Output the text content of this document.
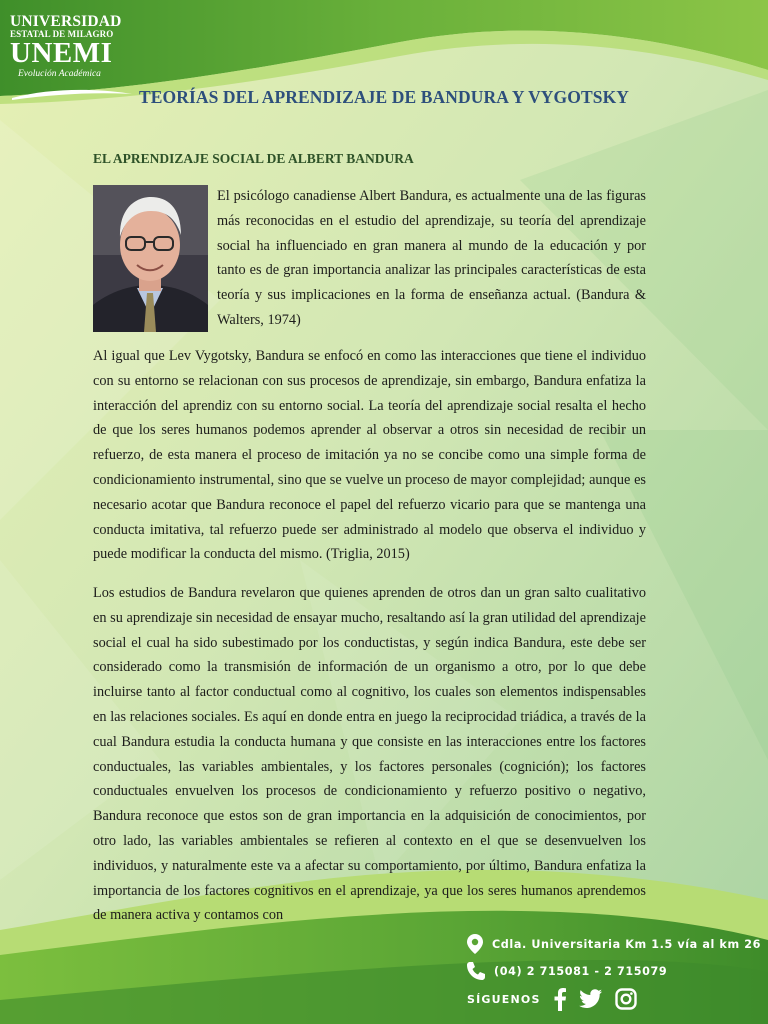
UNIVERSIDAD
ESTATAL DE MILAGRO
UNEMI
Evolución Académica
TEORÍAS DEL APRENDIZAJE DE BANDURA Y VYGOTSKY
EL APRENDIZAJE SOCIAL DE ALBERT BANDURA

El psicólogo canadiense Albert Bandura, es actualmente una de las figuras más reconocidas en el estudio del aprendizaje, su teoría del aprendizaje social ha influenciado en gran manera al mundo de la educación y por tanto es de gran importancia analizar las principales características de esta teoría y sus implicaciones en la forma de enseñanza actual. (Bandura & Walters, 1974)

Al igual que Lev Vygotsky, Bandura se enfocó en como las interacciones que tiene el individuo con su entorno se relacionan con sus procesos de aprendizaje, sin embargo, Bandura enfatiza la interacción del aprendiz con su entorno social. La teoría del aprendizaje social resalta el hecho de que los seres humanos podemos aprender al observar a otros sin necesidad de recibir un refuerzo, de esta manera el proceso de imitación ya no se concibe como una simple forma de condicionamiento instrumental, sino que se vuelve un proceso de mayor complejidad; aunque es necesario acotar que Bandura reconoce el papel del refuerzo vicario para que se mantenga una conducta imitativa, tal refuerzo puede ser administrado al modelo que observa el individuo y puede modificar la conducta del mismo. (Triglia, 2015)

Los estudios de Bandura revelaron que quienes aprenden de otros dan un gran salto cualitativo en su aprendizaje sin necesidad de ensayar mucho, resaltando así la gran utilidad del aprendizaje social el cual ha sido subestimado por los conductistas, y según indica Bandura, este debe ser considerado como la transmisión de información de un organismo a otro, por lo que debe incluirse tanto al factor conductual como al cognitivo, los cuales son elementos indispensables en las relaciones sociales. Es aquí en donde entra en juego la reciprocidad triádica, a través de la cual Bandura estudia la conducta humana y que consiste en las interacciones entre los factores conductuales, las variables ambientales, y los factores personales (cognición); los factores conductuales envuelven los procesos de condicionamiento y refuerzo positivo o negativo, Bandura reconoce que estos son de gran importancia en la adquisición de conocimientos, por otro lado, las variables ambientales se refieren al contexto en el que se desenvuelven los individuos, y naturalmente este va a afectar su comportamiento, por último, Bandura enfatiza la importancia de los factores cognitivos en el aprendizaje, ya que los seres humanos aprendemos de manera activa y contamos con

Cdla. Universitaria Km 1.5 vía al km 26
(04) 2 715081 - 2 715079
SÍGUENOS
